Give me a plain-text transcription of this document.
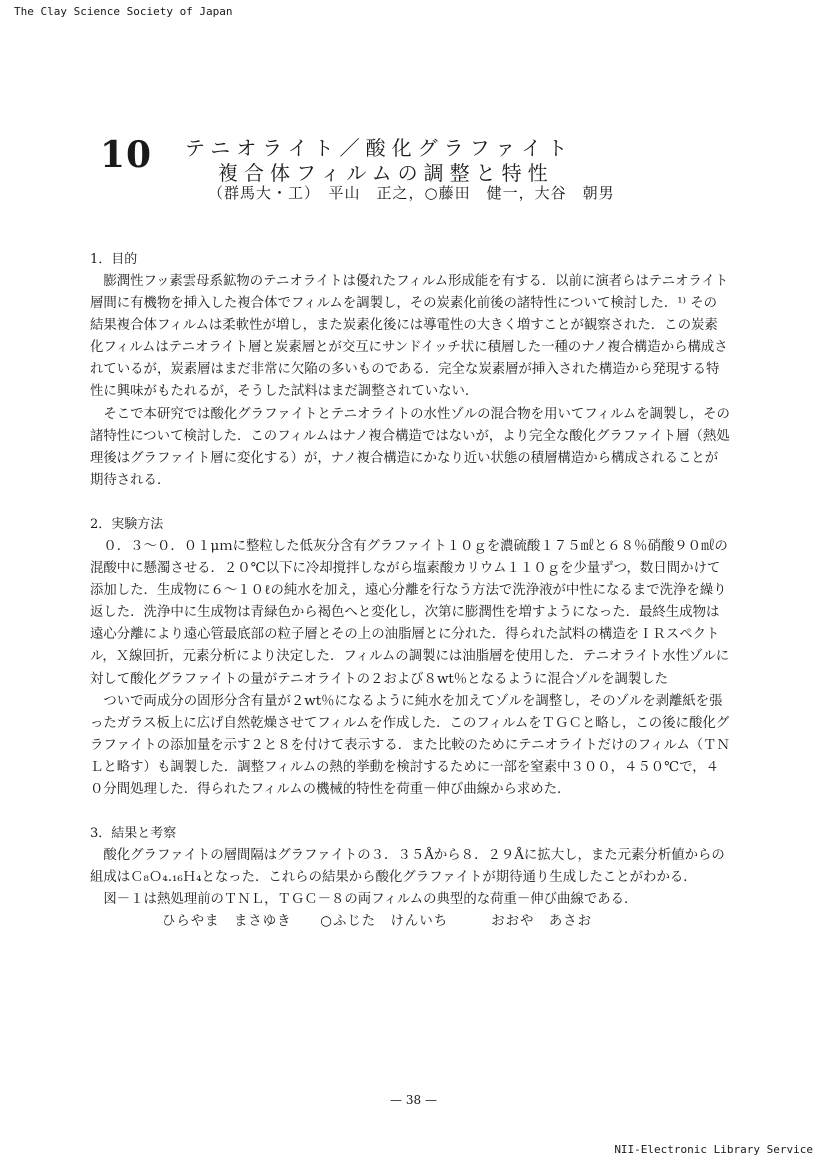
The Clay Science Society of Japan
10 テニオライト／酸化グラファイト
複合体フィルムの調整と特性
（群馬大・工）　平山　正之，○藤田　健一，大谷　朝男

1．目的

膨潤性フッ素雲母系鉱物のテニオライトは優れたフィルム形成能を有する．以前に演者らはテニオライト層間に有機物を挿入した複合体でフィルムを調製し，その炭素化前後の諸特性について検討した．¹⁾ その結果複合体フィルムは柔軟性が増し，また炭素化後には導電性の大きく増すことが観察された．この炭素化フィルムはテニオライト層と炭素層とが交互にサンドイッチ状に積層した一種のナノ複合構造から構成されているが，炭素層はまだ非常に欠陥の多いものである．完全な炭素層が挿入された構造から発現する特性に興味がもたれるが，そうした試料はまだ調整されていない．

そこで本研究では酸化グラファイトとテニオライトの水性ゾルの混合物を用いてフィルムを調製し，その諸特性について検討した．このフィルムはナノ複合構造ではないが，より完全な酸化グラファイト層（熱処理後はグラファイト層に変化する）が，ナノ複合構造にかなり近い状態の積層構造から構成されることが期待される．

2．実験方法

０．３～０．０１μｍに整粒した低灰分含有グラファイト１０ｇを濃硫酸１７５㎖と６８％硝酸９０㎖の混酸中に懸濁させる．２０℃以下に冷却撹拌しながら塩素酸カリウム１１０ｇを少量ずつ，数日間かけて添加した．生成物に６～１０ℓの純水を加え，遠心分離を行なう方法で洗浄液が中性になるまで洗浄を繰り返した．洗浄中に生成物は青緑色から褐色へと変化し，次第に膨潤性を増すようになった．最終生成物は遠心分離により遠心管最底部の粒子層とその上の油脂層とに分れた．得られた試料の構造をＩＲスペクトル，Ｘ線回折，元素分析により決定した．フィルムの調製には油脂層を使用した．テニオライト水性ゾルに対して酸化グラファイトの量がテニオライトの２および８wt％となるように混合ゾルを調製した

ついで両成分の固形分含有量が２wt％になるように純水を加えてゾルを調整し，そのゾルを剥離紙を張ったガラス板上に広げ自然乾燥させてフィルムを作成した．このフィルムをＴＧＣと略し，この後に酸化グラファイトの添加量を示す２と８を付けて表示する．また比較のためにテニオライトだけのフィルム（ＴＮＬと略す）も調製した．調整フィルムの熱的挙動を検討するために一部を窒素中３００，４５０℃で，４０分間処理した．得られたフィルムの機械的特性を荷重－伸び曲線から求めた．

3．結果と考察

酸化グラファイトの層間隔はグラファイトの３．３５Åから８．２９Åに拡大し，また元素分析値からの組成はＣ₈Ｏ₄.₁₆Ｈ₄となった．これらの結果から酸化グラファイトが期待通り生成したことがわかる．

図－１は熱処理前のＴＮＬ，ＴＧＣ－８の両フィルムの典型的な荷重－伸び曲線である．

ひらやま　まさゆき　　○ふじた　けんいち　　　おおや　あさお

— 38 —
NII-Electronic Library Service
